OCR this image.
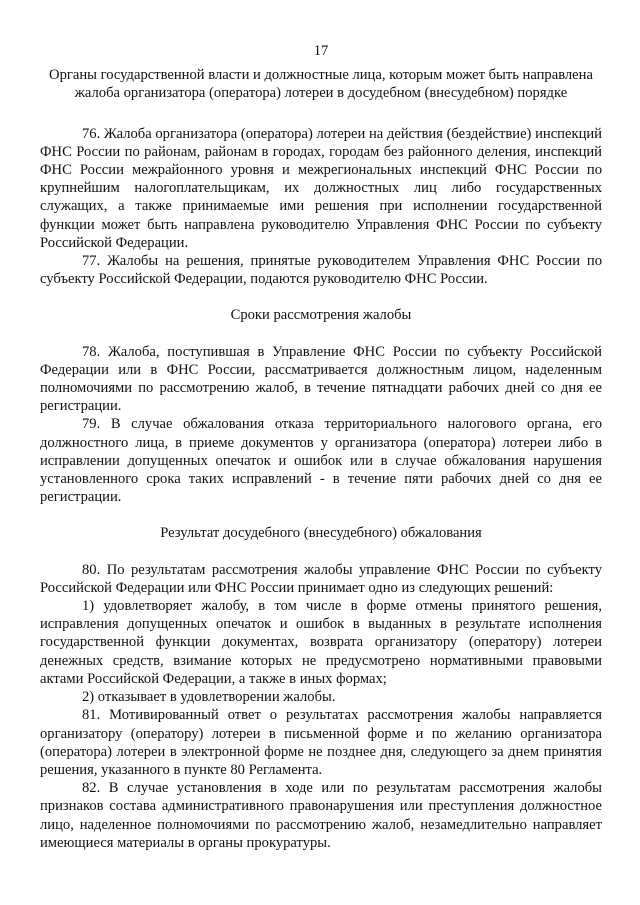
17
Органы государственной власти и должностные лица, которым может быть направлена жалоба организатора (оператора) лотереи в досудебном (внесудебном) порядке

76. Жалоба организатора (оператора) лотереи на действия (бездействие) инспекций ФНС России по районам, районам в городах, городам без районного деления, инспекций ФНС России межрайонного уровня и межрегиональных инспекций ФНС России по крупнейшим налогоплательщикам, их должностных лиц либо государственных служащих, а также принимаемые ими решения при исполнении государственной функции может быть направлена руководителю Управления ФНС России по субъекту Российской Федерации.

77. Жалобы на решения, принятые руководителем Управления ФНС России по субъекту Российской Федерации, подаются руководителю ФНС России.

Сроки рассмотрения жалобы

78. Жалоба, поступившая в Управление ФНС России по субъекту Российской Федерации или в ФНС России, рассматривается должностным лицом, наделенным полномочиями по рассмотрению жалоб, в течение пятнадцати рабочих дней со дня ее регистрации.

79. В случае обжалования отказа территориального налогового органа, его должностного лица, в приеме документов у организатора (оператора) лотереи либо в исправлении допущенных опечаток и ошибок или в случае обжалования нарушения установленного срока таких исправлений - в течение пяти рабочих дней со дня ее регистрации.

Результат досудебного (внесудебного) обжалования

80. По результатам рассмотрения жалобы управление ФНС России по субъекту Российской Федерации или ФНС России принимает одно из следующих решений:

1) удовлетворяет жалобу, в том числе в форме отмены принятого решения, исправления допущенных опечаток и ошибок в выданных в результате исполнения государственной функции документах, возврата организатору (оператору) лотереи денежных средств, взимание которых не предусмотрено нормативными правовыми актами Российской Федерации, а также в иных формах;

2) отказывает в удовлетворении жалобы.

81. Мотивированный ответ о результатах рассмотрения жалобы направляется организатору (оператору) лотереи в письменной форме и по желанию организатора (оператора) лотереи в электронной форме не позднее дня, следующего за днем принятия решения, указанного в пункте 80 Регламента.

82. В случае установления в ходе или по результатам рассмотрения жалобы признаков состава административного правонарушения или преступления должностное лицо, наделенное полномочиями по рассмотрению жалоб, незамедлительно направляет имеющиеся материалы в органы прокуратуры.
